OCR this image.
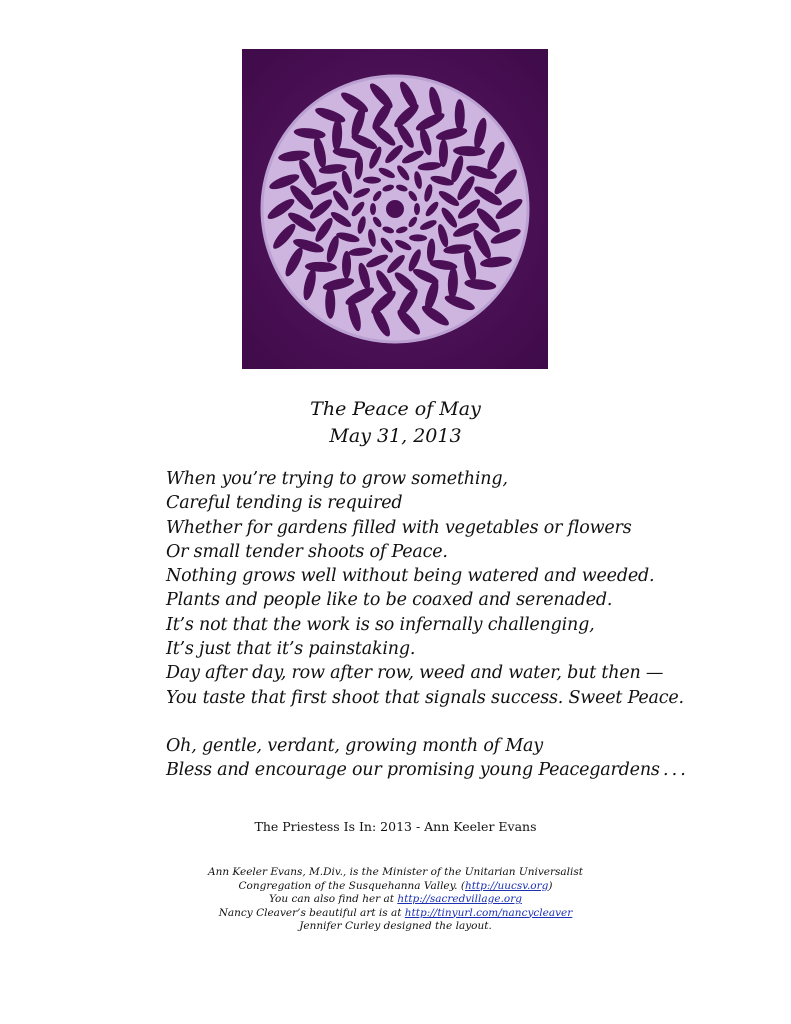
The Peace of May
May 31, 2013
When you’re trying to grow something,
Careful tending is required
Whether for gardens filled with vegetables or flowers
Or small tender shoots of Peace.
Nothing grows well without being watered and weeded.
Plants and people like to be coaxed and serenaded.
It’s not that the work is so infernally challenging,
It’s just that it’s painstaking.
Day after day, row after row, weed and water, but then —
You taste that first shoot that signals success. Sweet Peace.
Oh, gentle, verdant, growing month of May
Bless and encourage our promising young Peacegardens . . .
The Priestess Is In: 2013 - Ann Keeler Evans
Ann Keeler Evans, M.Div., is the Minister of the Unitarian Universalist
Congregation of the Susquehanna Valley. (http://uucsv.org)
You can also find her at http://sacredvillage.org
Nancy Cleaver’s beautiful art is at http://tinyurl.com/nancycleaver
Jennifer Curley designed the layout.
